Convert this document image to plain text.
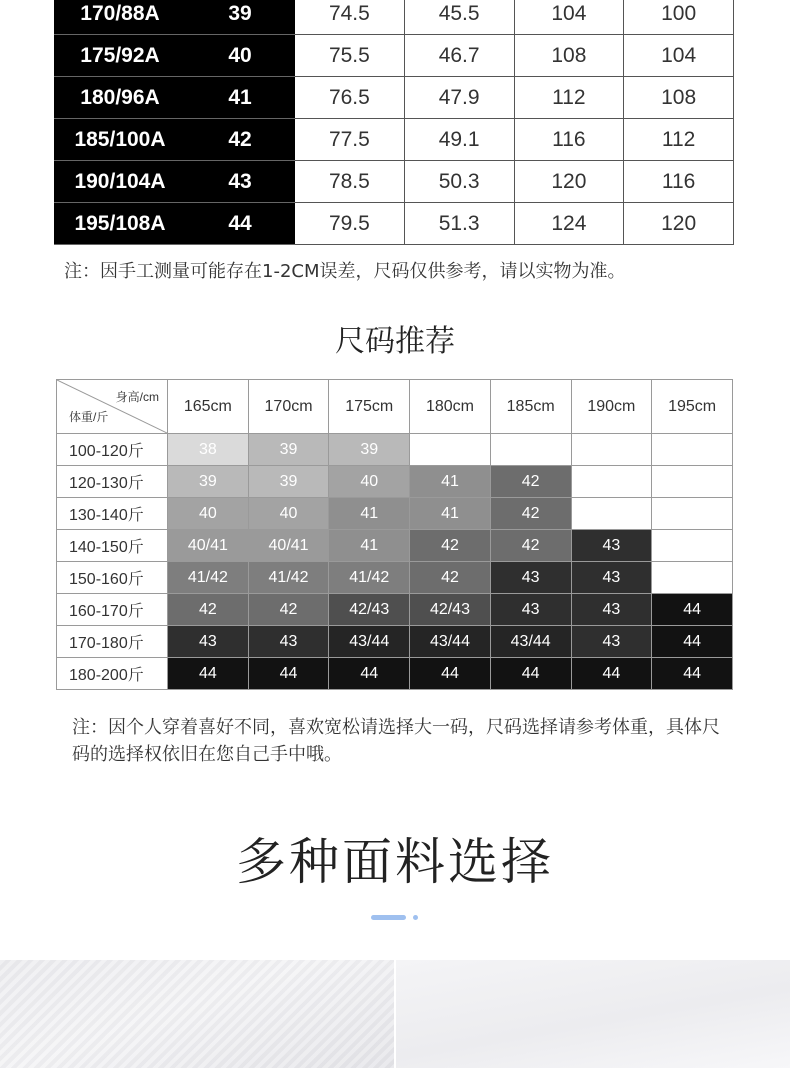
170/88A	39	74.5	45.5	104	100
175/92A	40	75.5	46.7	108	104
180/96A	41	76.5	47.9	112	108
185/100A	42	77.5	49.1	116	112
190/104A	43	78.5	50.3	120	116
195/108A	44	79.5	51.3	124	120
注：因手工测量可能存在1-2CM误差，尺码仅供参考，请以实物为准。
尺码推荐
身高/cm
体重/斤	165cm	170cm	175cm	180cm	185cm	190cm	195cm
100-120斤	38	39	39				
120-130斤	39	39	40	41	42		
130-140斤	40	40	41	41	42		
140-150斤	40/41	40/41	41	42	42	43	
150-160斤	41/42	41/42	41/42	42	43	43	
160-170斤	42	42	42/43	42/43	43	43	44
170-180斤	43	43	43/44	43/44	43/44	43	44
180-200斤	44	44	44	44	44	44	44
注：因个人穿着喜好不同，喜欢宽松请选择大一码，尺码选择请参考体重，具体尺码的选择权依旧在您自己手中哦。
多种面料选择
